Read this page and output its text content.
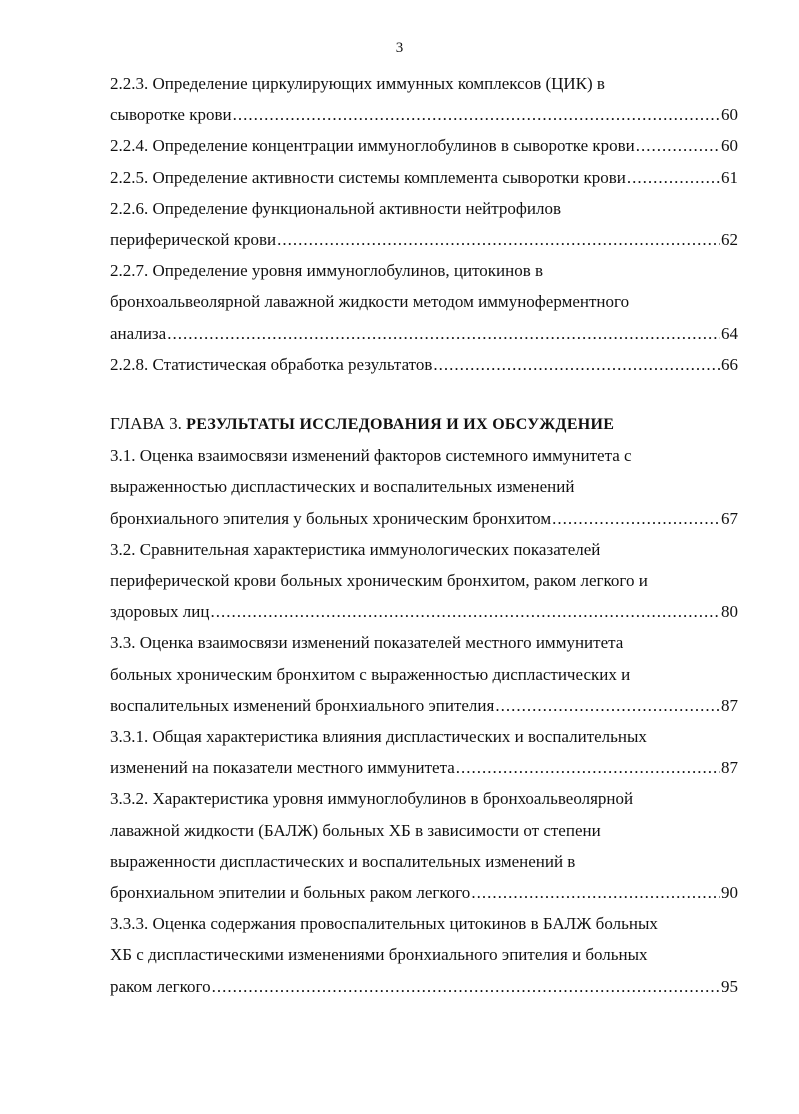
3
2.2.3. Определение циркулирующих иммунных комплексов (ЦИК) в
сыворотке крови .....	60
2.2.4. Определение концентрации иммуноглобулинов в сыворотке крови .....	60
2.2.5. Определение активности системы комплемента сыворотки крови .....	61
2.2.6. Определение функциональной активности нейтрофилов
периферической крови .....	62
2.2.7. Определение уровня иммуноглобулинов, цитокинов в
бронхоальвеолярной лаважной жидкости методом иммуноферментного
анализа .....	64
2.2.8. Статистическая обработка результатов .....	66
ГЛАВА 3. РЕЗУЛЬТАТЫ ИССЛЕДОВАНИЯ И ИХ ОБСУЖДЕНИЕ
3.1. Оценка взаимосвязи изменений факторов системного иммунитета с
выраженностью диспластических и воспалительных изменений
бронхиального эпителия у больных хроническим бронхитом .....	67
3.2. Сравнительная характеристика иммунологических показателей
периферической крови больных хроническим бронхитом, раком легкого и
здоровых лиц .....	80
3.3. Оценка взаимосвязи изменений показателей местного иммунитета
больных хроническим бронхитом с выраженностью диспластических и
воспалительных изменений бронхиального эпителия .....	87
3.3.1. Общая характеристика влияния диспластических и воспалительных
изменений на показатели местного иммунитета .....	87
3.3.2. Характеристика уровня иммуноглобулинов в бронхоальвеолярной
лаважной жидкости (БАЛЖ) больных ХБ в зависимости от степени
выраженности диспластических и воспалительных изменений в
бронхиальном эпителии и больных раком легкого .....	90
3.3.3. Оценка содержания провоспалительных цитокинов в БАЛЖ больных
ХБ с диспластическими изменениями бронхиального эпителия и больных
раком легкого .....	95
